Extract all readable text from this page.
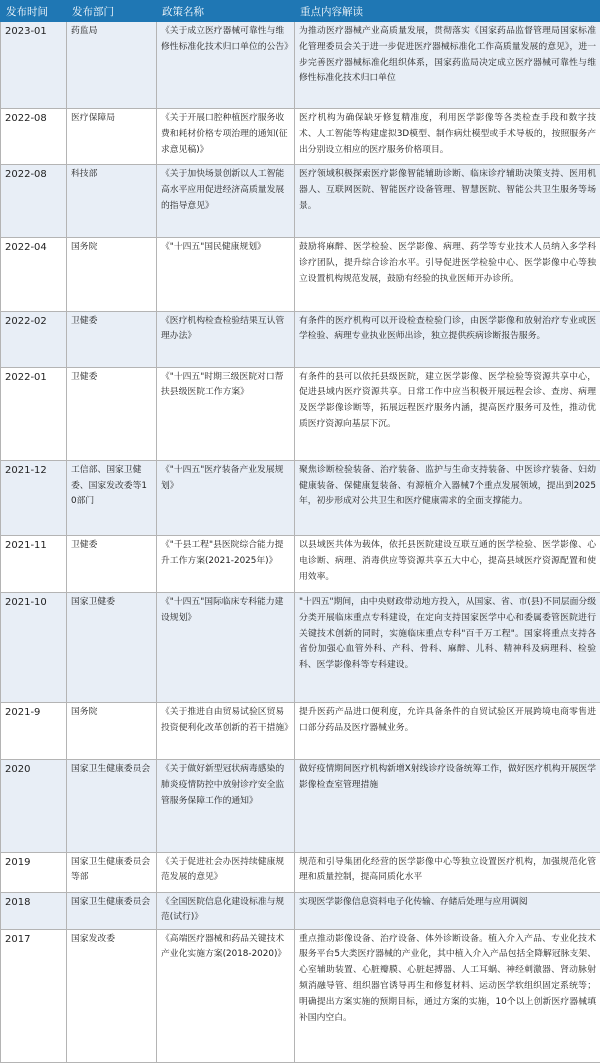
发布时间	发布部门	政策名称	重点内容解读
2023-01	药监局	《关于成立医疗器械可靠性与维修性标准化技术归口单位的公告》	为推动医疗器械产业高质量发展，贯彻落实《国家药品监督管理局国家标准化管理委员会关于进一步促进医疗器械标准化工作高质量发展的意见》，进一步完善医疗器械标准化组织体系，国家药监局决定成立医疗器械可靠性与维修性标准化技术归口单位
2022-08	医疗保障局	《关于开展口腔种植医疗服务收费和耗材价格专项治理的通知(征求意见稿)》	医疗机构为确保缺牙修复精准度，利用医学影像等各类检查手段和数字技术、人工智能等构建虚拟3D模型、制作病灶模型或手术导板的，按照服务产出分别设立相应的医疗服务价格项目。
2022-08	科技部	《关于加快场景创新以人工智能高水平应用促进经济高质量发展的指导意见》	医疗领域积极探索医疗影像智能辅助诊断、临床诊疗辅助决策支持、医用机器人、互联网医院、智能医疗设备管理、智慧医院、智能公共卫生服务等场景。
2022-04	国务院	《"十四五"国民健康规划》	鼓励将麻醉、医学检验、医学影像、病理、药学等专业技术人员纳入多学科诊疗团队，提升综合诊治水平。引导促进医学检验中心、医学影像中心等独立设置机构规范发展，鼓励有经验的执业医师开办诊所。
2022-02	卫健委	《医疗机构检查检验结果互认管理办法》	有条件的医疗机构可以开设检查检验门诊，由医学影像和放射治疗专业或医学检验、病理专业执业医师出诊，独立提供疾病诊断报告服务。
2022-01	卫健委	《"十四五"时期三级医院对口帮扶县级医院工作方案》	有条件的县可以依托县级医院，建立医学影像、医学检验等资源共享中心，促进县域内医疗资源共享。日常工作中应当积极开展远程会诊、查房、病理及医学影像诊断等，拓展远程医疗服务内涵，提高医疗服务可及性，推动优质医疗资源向基层下沉。
2021-12	工信部、国家卫健委、国家发改委等10部门	《"十四五"医疗装备产业发展规划》	聚焦诊断检验装备、治疗装备、监护与生命支持装备、中医诊疗装备、妇幼健康装备、保健康复装备、有源植介入器械7个重点发展领域，提出到2025年，初步形成对公共卫生和医疗健康需求的全面支撑能力。
2021-11	卫健委	《"千县工程"县医院综合能力提升工作方案(2021-2025年)》	以县域医共体为载体，依托县医院建设互联互通的医学检验、医学影像、心电诊断、病理、消毒供应等资源共享五大中心，提高县域医疗资源配置和使用效率。
2021-10	国家卫健委	《"十四五"国际临床专科能力建设规划》	"十四五"期间，由中央财政带动地方投入，从国家、省、市(县)不同层面分级分类开展临床重点专科建设，在定向支持国家医学中心和委属委管医院进行关键技术创新的同时，实施临床重点专科"百千万工程"。国家将重点支持各省份加强心血管外科、产科、骨科、麻醉、儿科、精神科及病理科、检验科、医学影像科等专科建设。
2021-9	国务院	《关于推进自由贸易试验区贸易投资便利化改革创新的若干措施》	提升医药产品进口便利度，允许具备条件的自贸试验区开展跨境电商零售进口部分药品及医疗器械业务。
2020	国家卫生健康委员会	《关于做好新型冠状病毒感染的肺炎疫情防控中放射诊疗安全监管服务保障工作的通知》	做好疫情期间医疗机构新增X射线诊疗设备统筹工作，做好医疗机构开展医学影像检查室管理措施
2019	国家卫生健康委员会等部	《关于促进社会办医持续健康规范发展的意见》	规范和引导集团化经营的医学影像中心等独立设置医疗机构，加强规范化管理和质量控制，提高同质化水平
2018	国家卫生健康委员会	《全国医院信息化建设标准与规范(试行)》	实现医学影像信息资料电子化传输、存储后处理与应用调阅
2017	国家发改委	《高端医疗器械和药品关键技术产业化实施方案(2018-2020)》	重点推动影像设备、治疗设备、体外诊断设备。植入介入产品、专业化技术服务平台5大类医疗器械的产业化，其中植入介入产品包括全降解冠脉支架、心室辅助装置、心脏瓣膜、心脏起搏器、人工耳蜗、神经刺激器、肾动脉射频消融导管、组织器官诱导再生和修复材料、运动医学软组织固定系统等；明确提出方案实施的预期目标，通过方案的实施，10个以上创新医疗器械填补国内空白。
